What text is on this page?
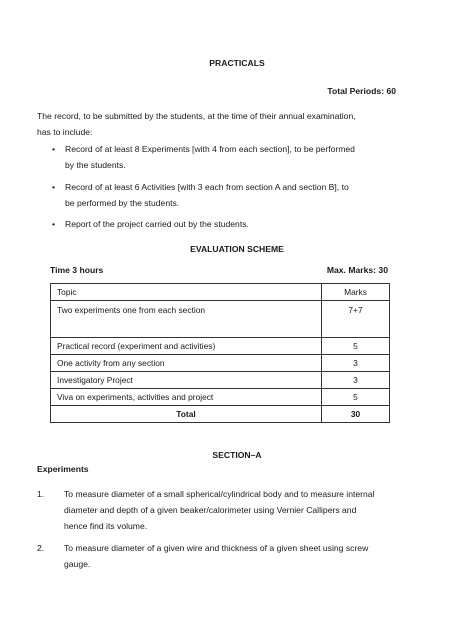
PRACTICALS
Total Periods: 60
The record, to be submitted by the students, at the time of their annual examination,
has to include:
• Record of at least 8 Experiments [with 4 from each section], to be performed
by the students.
• Record of at least 6 Activities [with 3 each from section A and section B], to
be performed by the students.
• Report of the project carried out by the students.
EVALUATION SCHEME
Time 3 hours	Max. Marks: 30
Topic	Marks
Two experiments one from each section	7+7
Practical record (experiment and activities)	5
One activity from any section	3
Investigatory Project	3
Viva on experiments, activities and project	5
Total	30
SECTION–A
Experiments
1. To measure diameter of a small spherical/cylindrical body and to measure internal
diameter and depth of a given beaker/calorimeter using Vernier Callipers and
hence find its volume.
2. To measure diameter of a given wire and thickness of a given sheet using screw
gauge.
